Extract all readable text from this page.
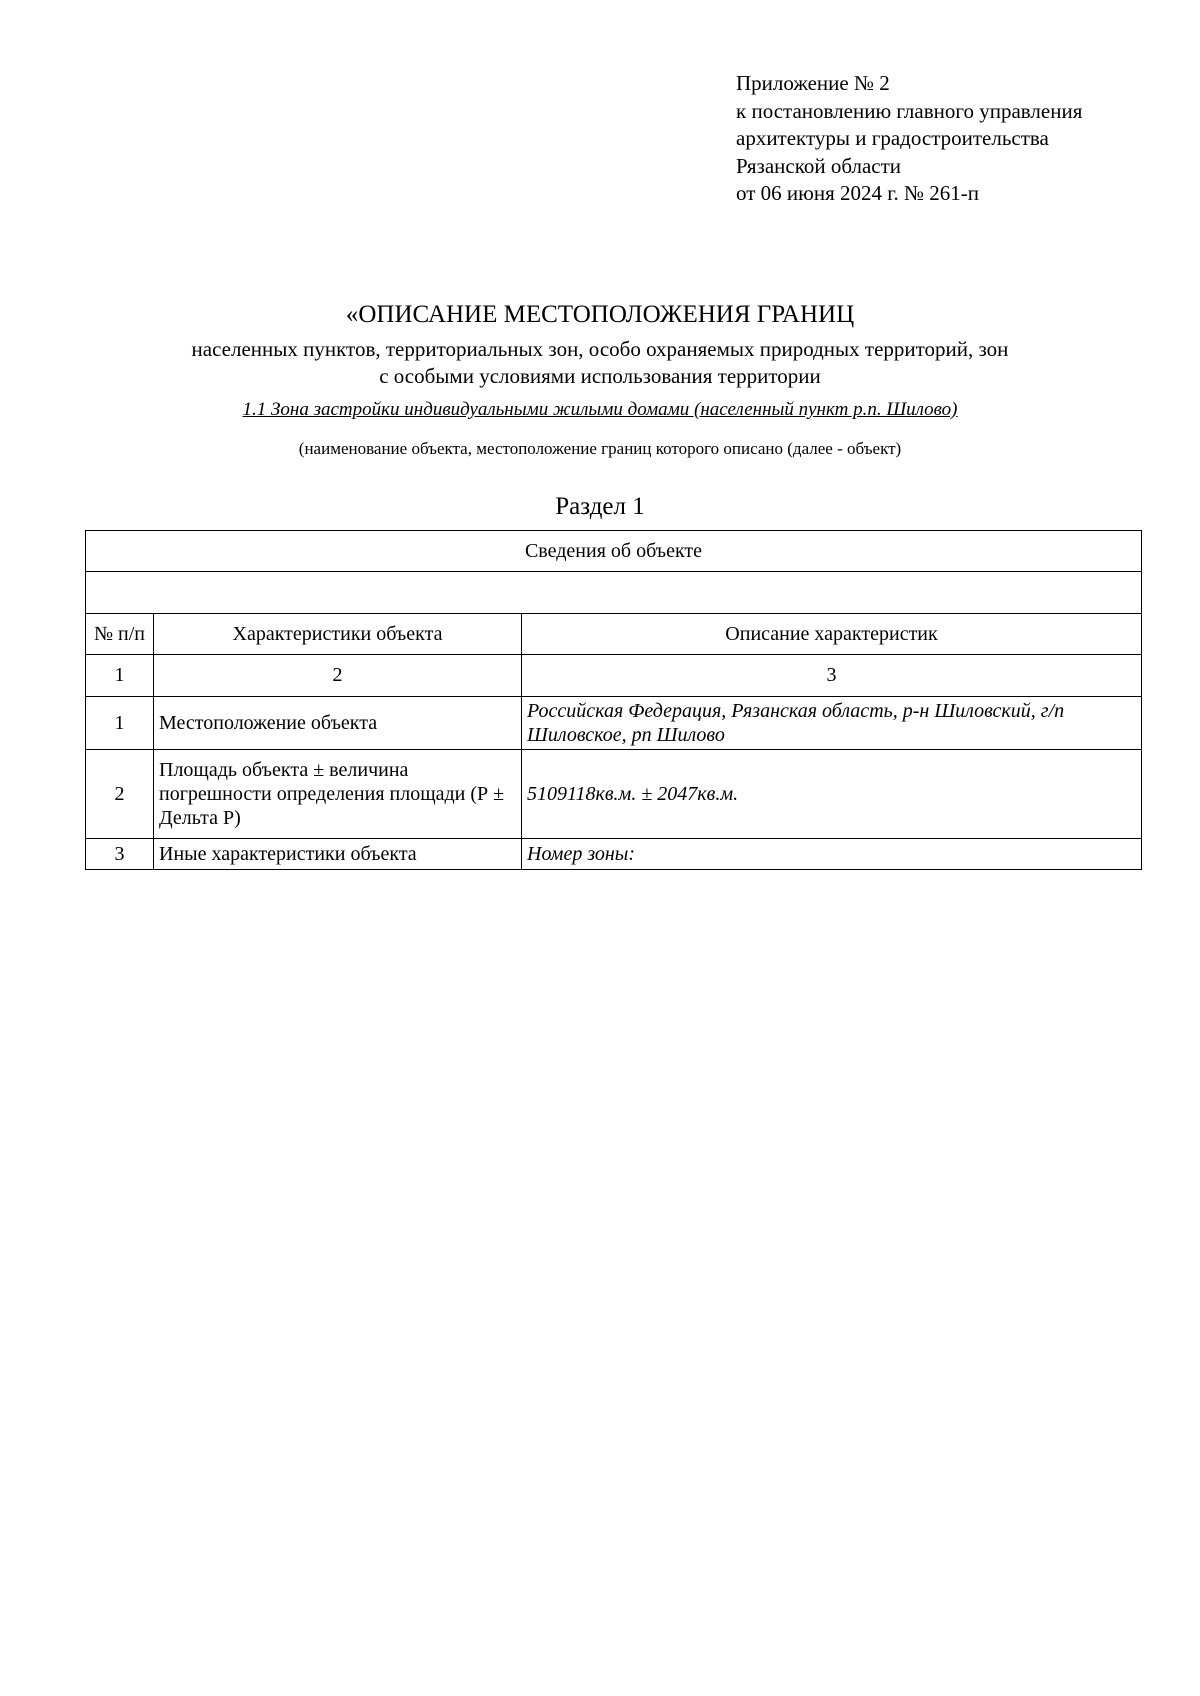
Приложение № 2
к постановлению главного управления
архитектуры и градостроительства
Рязанской области
от 06 июня 2024 г. № 261-п
«ОПИСАНИЕ МЕСТОПОЛОЖЕНИЯ ГРАНИЦ
населенных пунктов, территориальных зон, особо охраняемых природных территорий, зон
с особыми условиями использования территории
1.1 Зона застройки индивидуальными жилыми домами (населенный пункт р.п. Шилово)
(наименование объекта, местоположение границ которого описано (далее - объект)
Раздел 1
Сведения об объекте		

№ п/п	Характеристики объекта	Описание характеристик
1	2	3
1	Местоположение объекта	Российская Федерация, Рязанская область, р-н Шиловский, г/п Шиловское, рп Шилово
2	Площадь объекта ± величина погрешности определения площади (Р ± Дельта Р)	5109118кв.м. ± 2047кв.м.
3	Иные характеристики объекта	Номер зоны:
